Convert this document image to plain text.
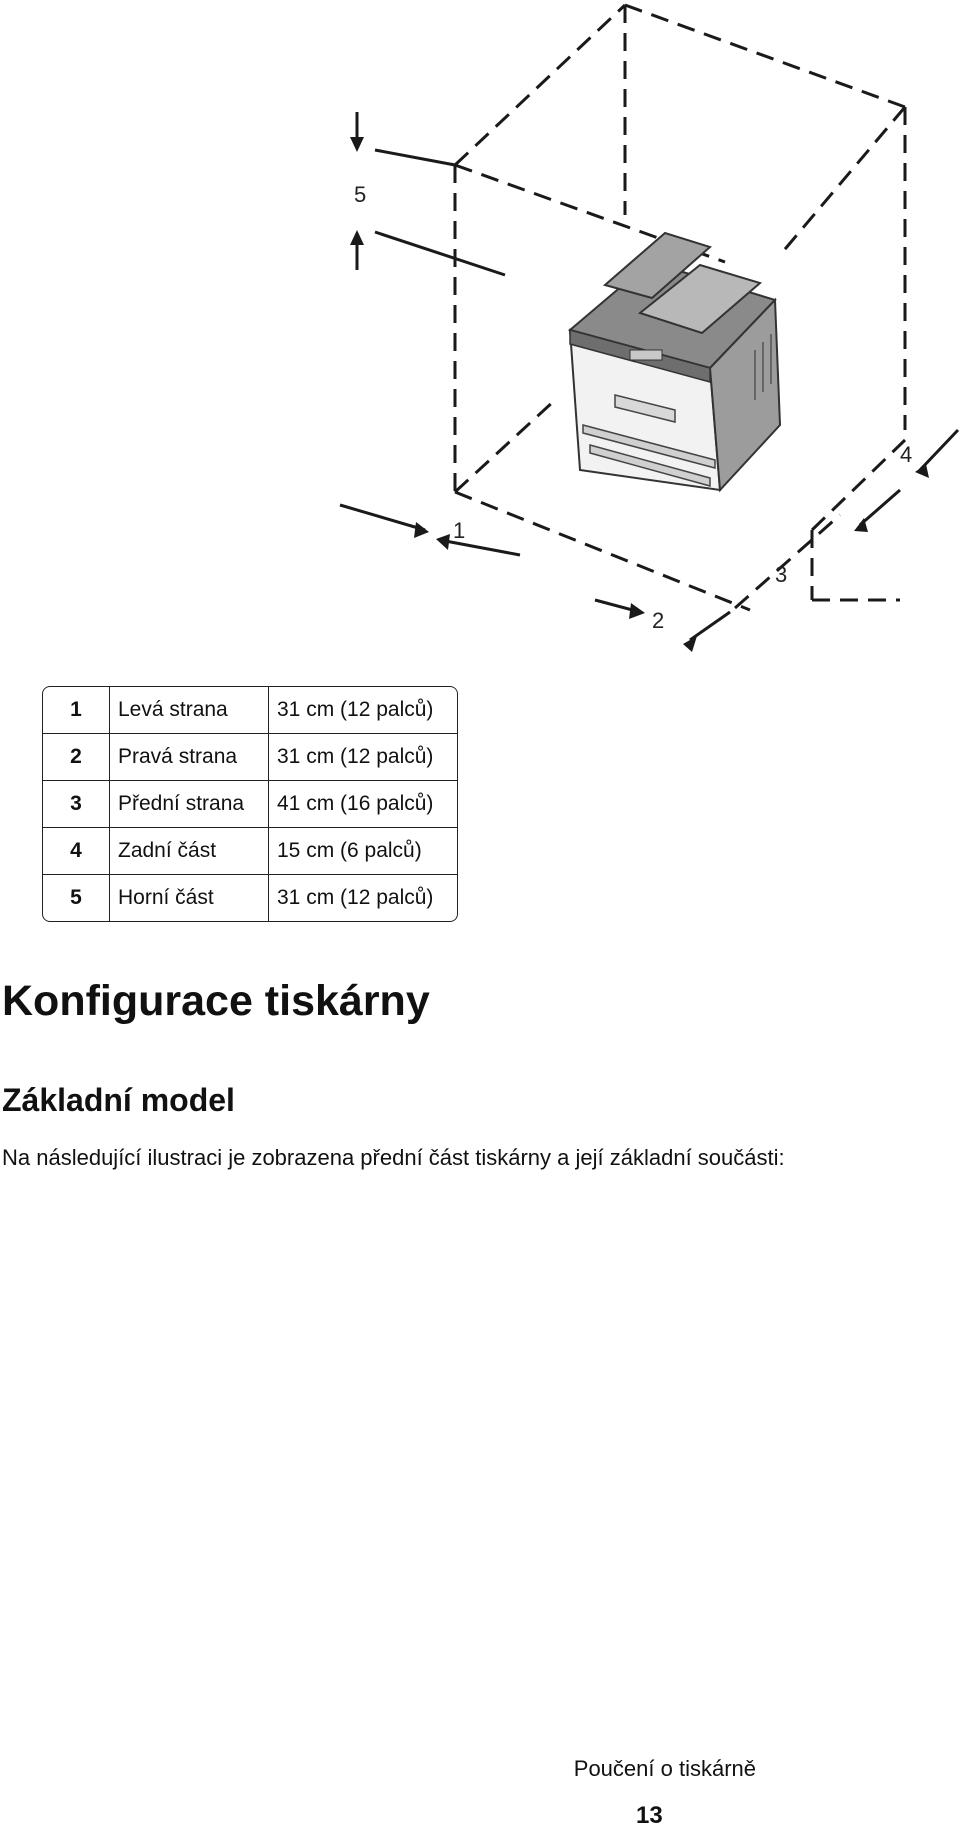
5
1
2
3
4
1	Levá strana	31 cm (12 palců)
2	Pravá strana	31 cm (12 palců)
3	Přední strana	41 cm (16 palců)
4	Zadní část	15 cm (6 palců)
5	Horní část	31 cm (12 palců)
Konfigurace tiskárny
Základní model

Na následující ilustraci je zobrazena přední část tiskárny a její základní součásti:

Poučení o tiskárně

13
